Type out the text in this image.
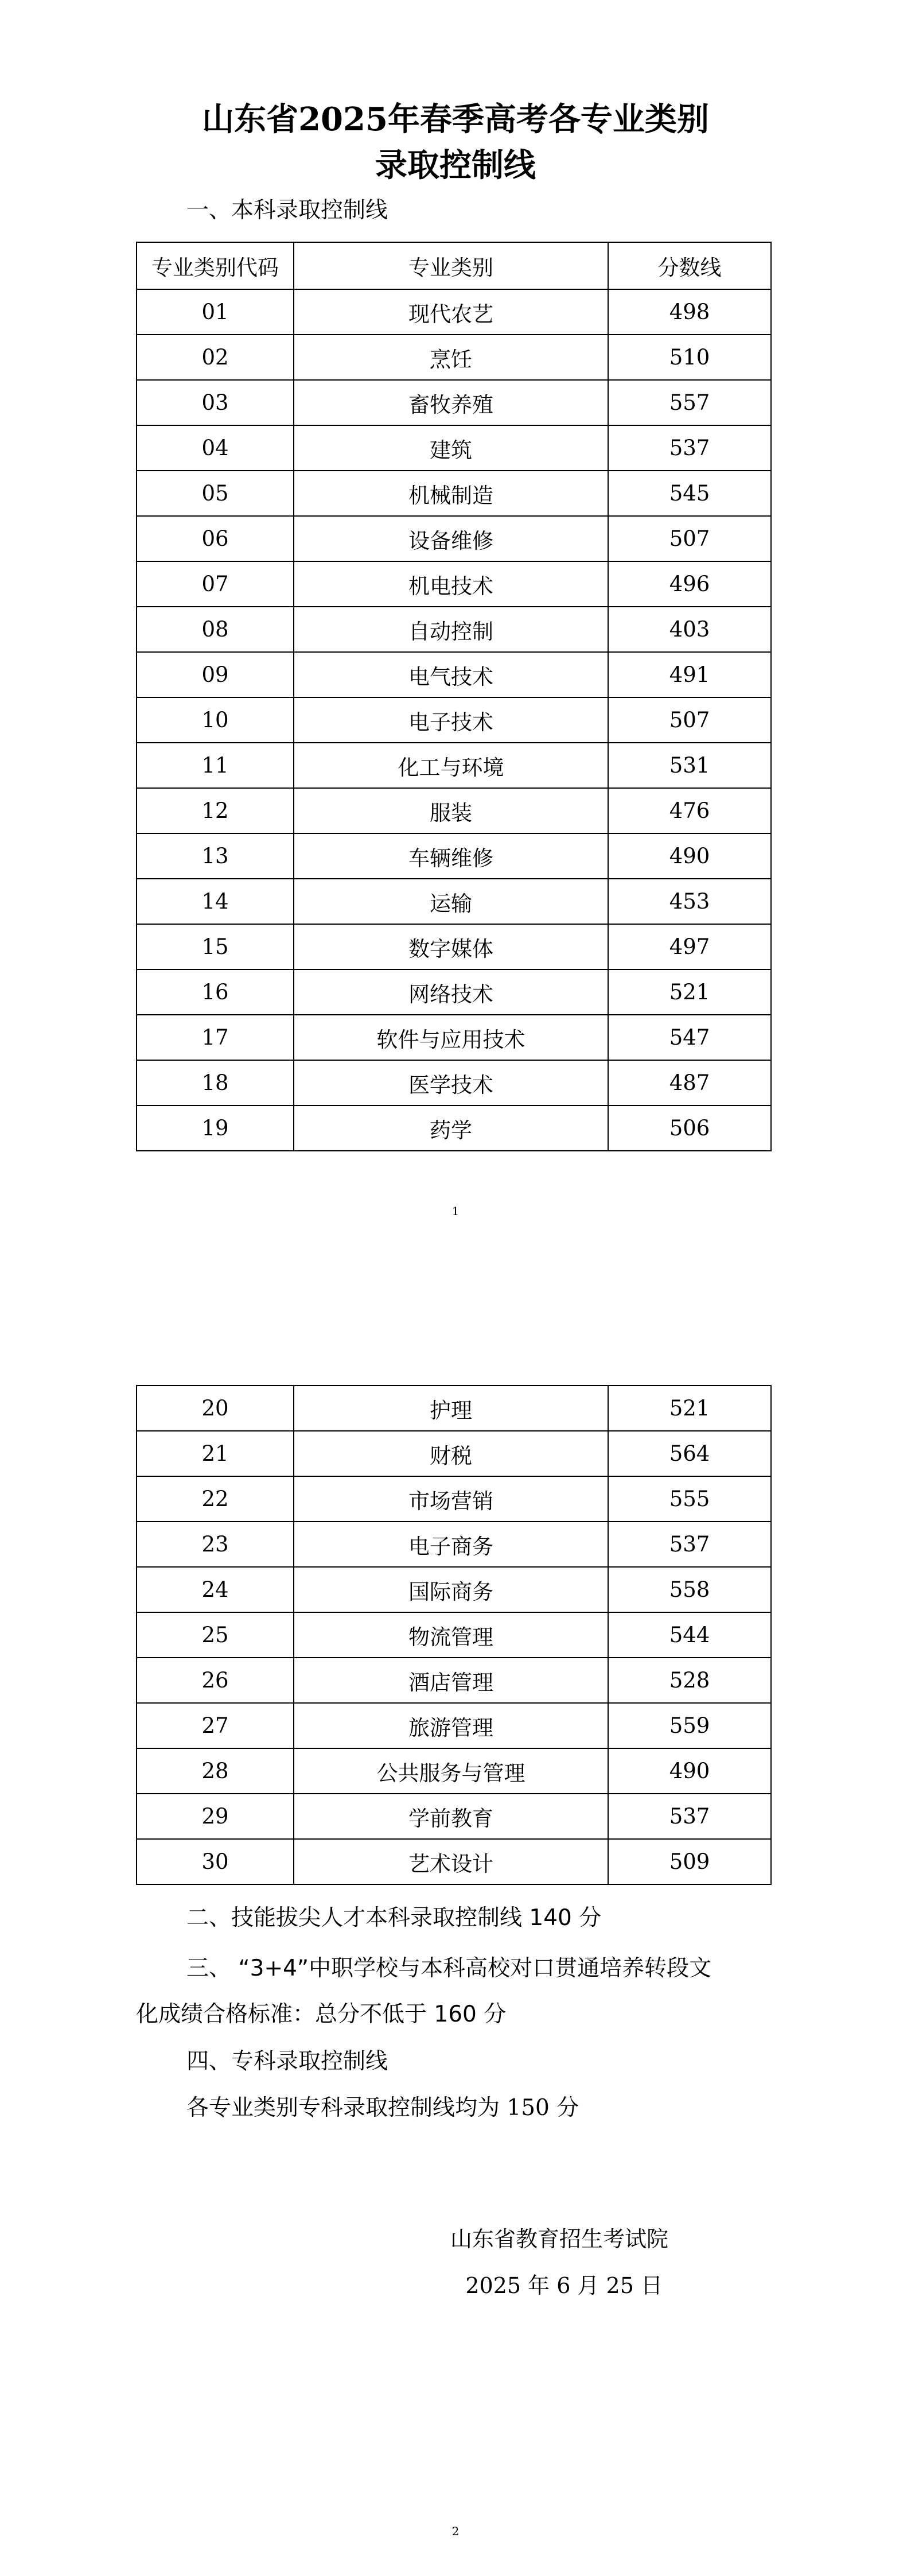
山东省2025年春季高考各专业类别
录取控制线
一、本科录取控制线
专业类别代码	专业类别	分数线
01	现代农艺	498
02	烹饪	510
03	畜牧养殖	557
04	建筑	537
05	机械制造	545
06	设备维修	507
07	机电技术	496
08	自动控制	403
09	电气技术	491
10	电子技术	507
11	化工与环境	531
12	服装	476
13	车辆维修	490
14	运输	453
15	数字媒体	497
16	网络技术	521
17	软件与应用技术	547
18	医学技术	487
19	药学	506
1
20	护理	521
21	财税	564
22	市场营销	555
23	电子商务	537
24	国际商务	558
25	物流管理	544
26	酒店管理	528
27	旅游管理	559
28	公共服务与管理	490
29	学前教育	537
30	艺术设计	509
二、技能拔尖人才本科录取控制线 140 分
三、 “3+4”中职学校与本科高校对口贯通培养转段文
化成绩合格标准：总分不低于 160 分
四、专科录取控制线
各专业类别专科录取控制线均为 150 分
山东省教育招生考试院
2025 年 6 月 25 日
2
